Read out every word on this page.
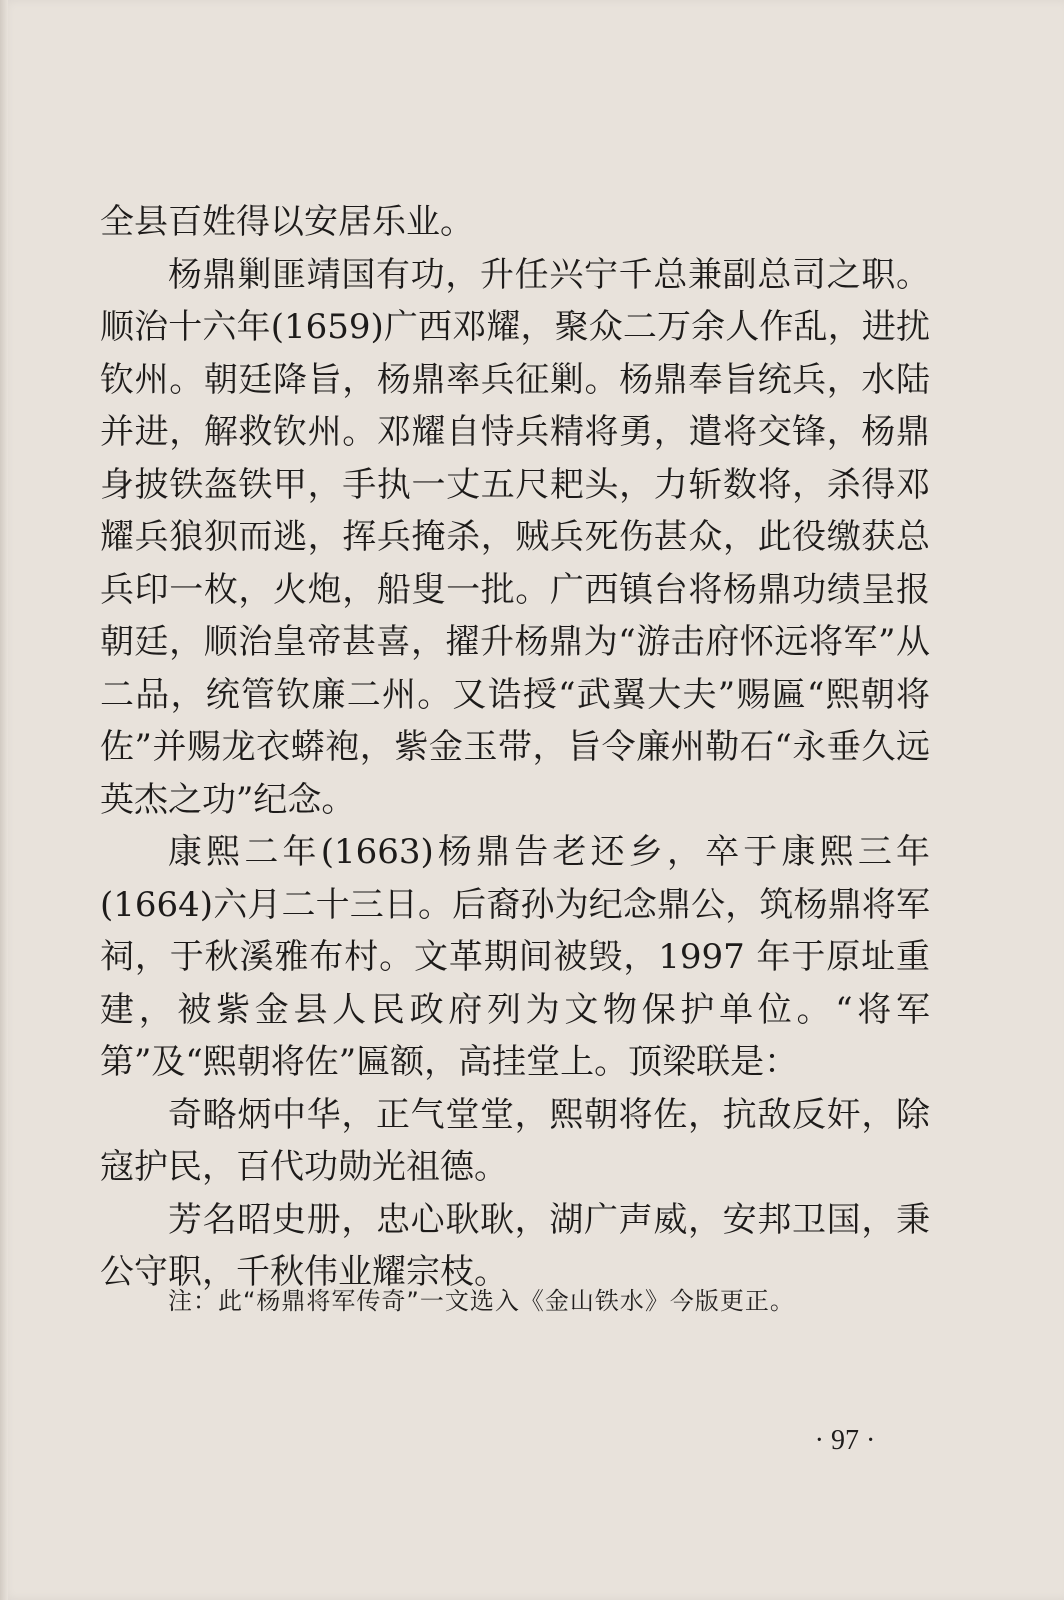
全县百姓得以安居乐业。

杨鼎剿匪靖国有功，升任兴宁千总兼副总司之职。顺治十六年(1659)广西邓耀，聚众二万余人作乱，进扰钦州。朝廷降旨，杨鼎率兵征剿。杨鼎奉旨统兵，水陆并进，解救钦州。邓耀自恃兵精将勇，遣将交锋，杨鼎身披铁盔铁甲，手执一丈五尺耙头，力斩数将，杀得邓耀兵狼狈而逃，挥兵掩杀，贼兵死伤甚众，此役缴获总兵印一枚，火炮，船叟一批。广西镇台将杨鼎功绩呈报朝廷，顺治皇帝甚喜，擢升杨鼎为“游击府怀远将军”从二品，统管钦廉二州。又诰授“武翼大夫”赐匾“熙朝将佐”并赐龙衣蟒袍，紫金玉带，旨令廉州勒石“永垂久远英杰之功”纪念。

康熙二年(1663)杨鼎告老还乡，卒于康熙三年(1664)六月二十三日。后裔孙为纪念鼎公，筑杨鼎将军祠，于秋溪雅布村。文革期间被毁，1997 年于原址重建，被紫金县人民政府列为文物保护单位。“将军第”及“熙朝将佐”匾额，高挂堂上。顶梁联是：

奇略炳中华，正气堂堂，熙朝将佐，抗敌反奸，除寇护民，百代功勋光祖德。

芳名昭史册，忠心耿耿，湖广声威，安邦卫国，秉公守职，千秋伟业耀宗枝。

注：此“杨鼎将军传奇”一文选入《金山铁水》今版更正。
· 97 ·
